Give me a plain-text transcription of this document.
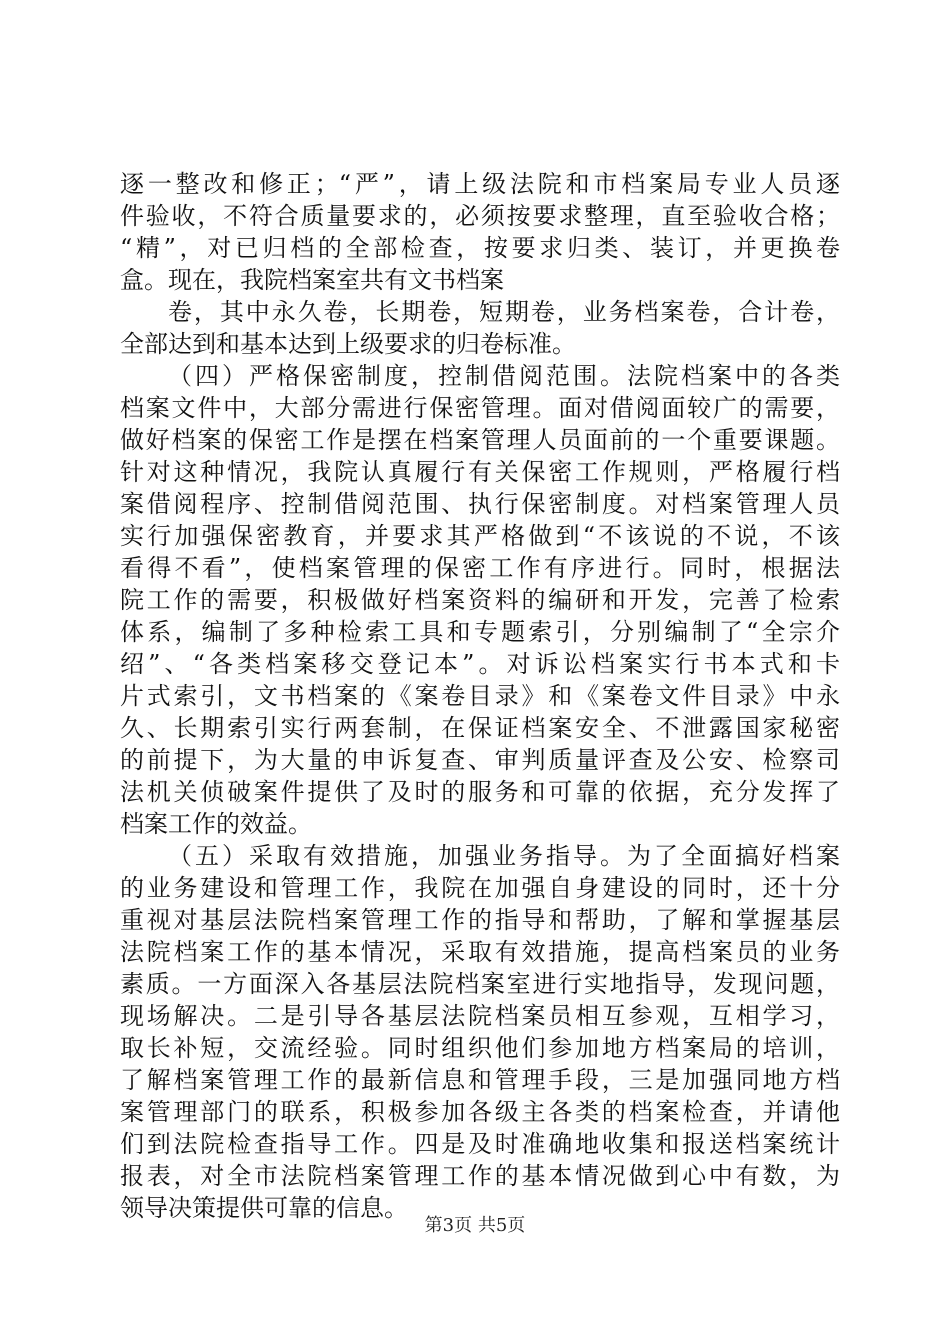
逐一整改和修正；“严”，请上级法院和市档案局专业人员逐
件验收，不符合质量要求的，必须按要求整理，直至验收合格；
“精”，对已归档的全部检查，按要求归类、装订，并更换卷
盒。现在，我院档案室共有文书档案
卷，其中永久卷，长期卷，短期卷，业务档案卷，合计卷，
全部达到和基本达到上级要求的归卷标准。
（四）严格保密制度，控制借阅范围。法院档案中的各类
档案文件中，大部分需进行保密管理。面对借阅面较广的需要，
做好档案的保密工作是摆在档案管理人员面前的一个重要课题。
针对这种情况，我院认真履行有关保密工作规则，严格履行档
案借阅程序、控制借阅范围、执行保密制度。对档案管理人员
实行加强保密教育，并要求其严格做到“不该说的不说，不该
看得不看”，使档案管理的保密工作有序进行。同时，根据法
院工作的需要，积极做好档案资料的编研和开发，完善了检索
体系，编制了多种检索工具和专题索引，分别编制了“全宗介
绍”、“各类档案移交登记本”。对诉讼档案实行书本式和卡
片式索引，文书档案的《案卷目录》和《案卷文件目录》中永
久、长期索引实行两套制，在保证档案安全、不泄露国家秘密
的前提下，为大量的申诉复查、审判质量评查及公安、检察司
法机关侦破案件提供了及时的服务和可靠的依据，充分发挥了
档案工作的效益。
（五）采取有效措施，加强业务指导。为了全面搞好档案
的业务建设和管理工作，我院在加强自身建设的同时，还十分
重视对基层法院档案管理工作的指导和帮助，了解和掌握基层
法院档案工作的基本情况，采取有效措施，提高档案员的业务
素质。一方面深入各基层法院档案室进行实地指导，发现问题，
现场解决。二是引导各基层法院档案员相互参观，互相学习，
取长补短，交流经验。同时组织他们参加地方档案局的培训，
了解档案管理工作的最新信息和管理手段，三是加强同地方档
案管理部门的联系，积极参加各级主各类的档案检查，并请他
们到法院检查指导工作。四是及时准确地收集和报送档案统计
报表，对全市法院档案管理工作的基本情况做到心中有数，为
领导决策提供可靠的信息。
第3页 共5页
